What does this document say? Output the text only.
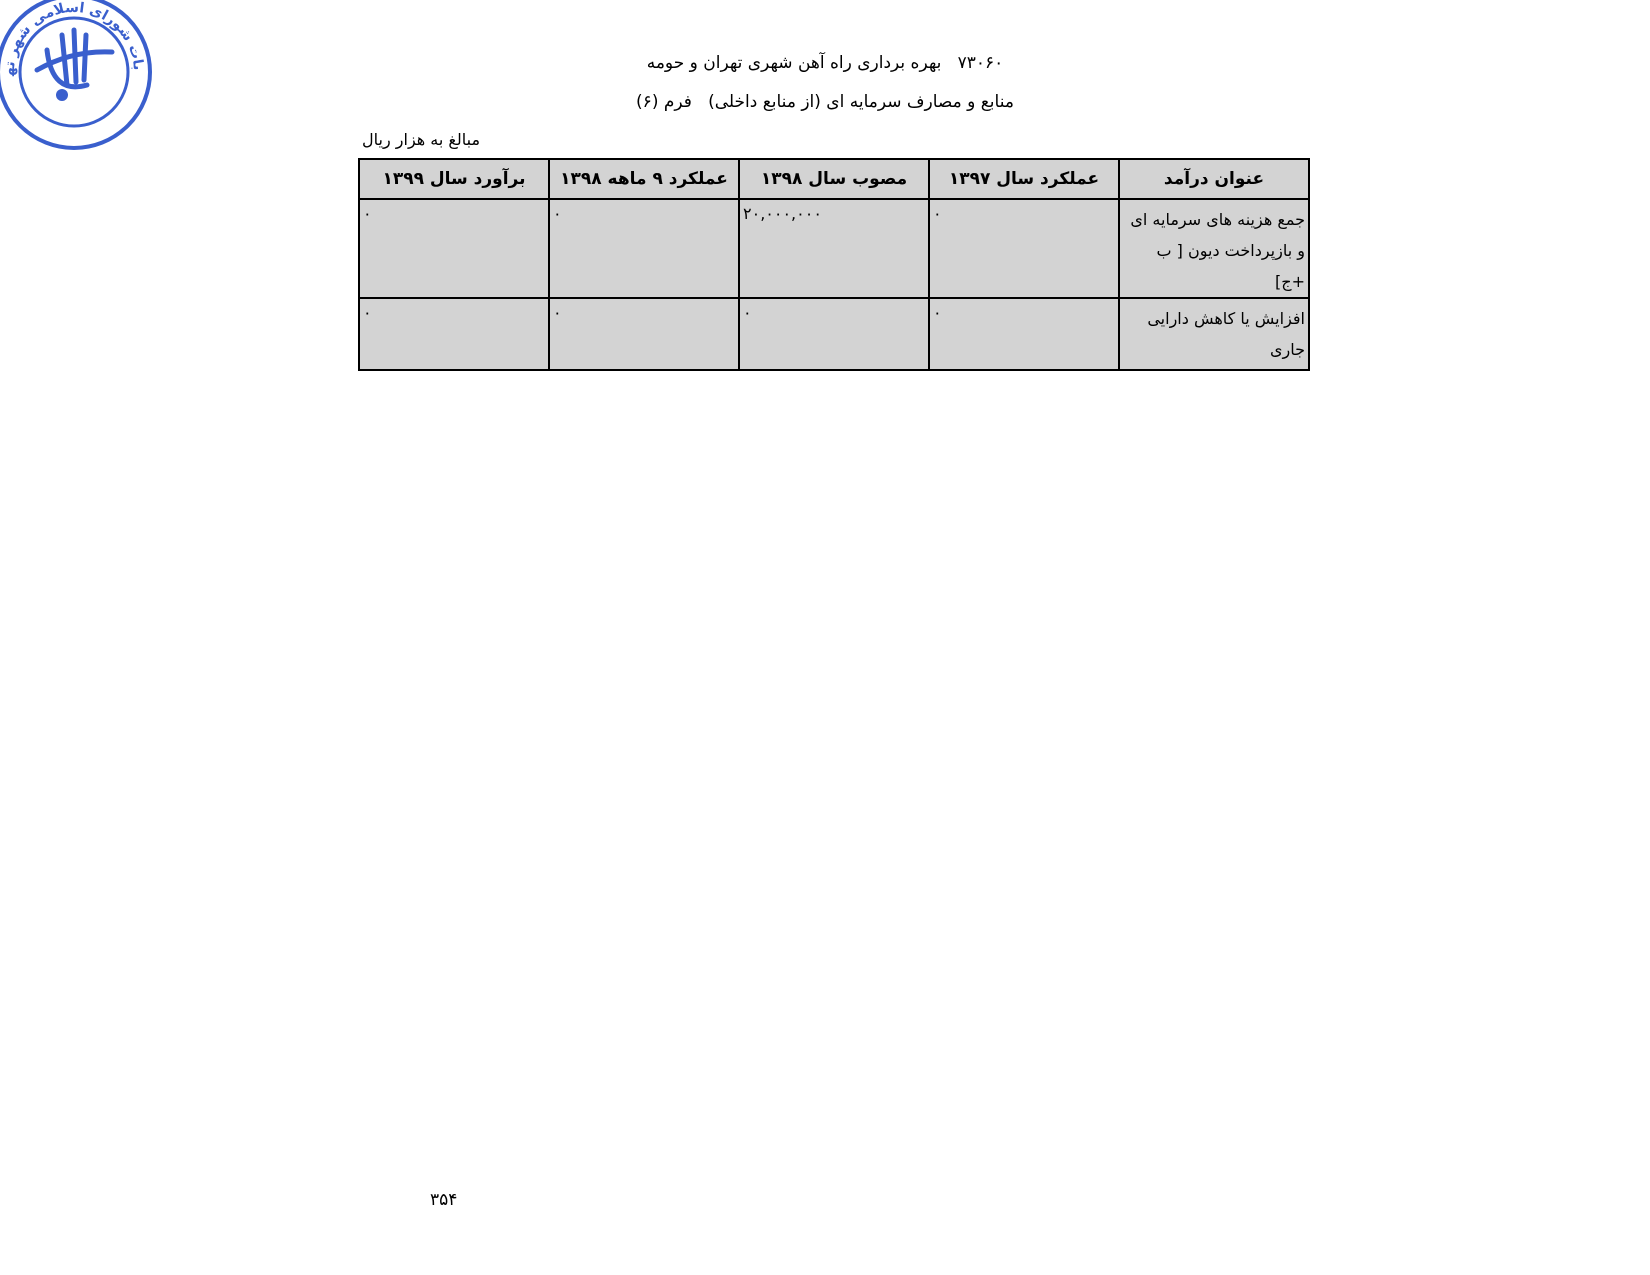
بات شورای اسلامی شهر ته	۷۳۰۶۰   بهره برداری راه آهن شهری تهران و حومه
منابع و مصارف سرمایه ای (از منابع داخلی)   فرم (۶)
مبالغ به هزار ریال
عنوان درآمد	عملکرد سال ۱۳۹۷	مصوب سال ۱۳۹۸	عملکرد ۹ ماهه ۱۳۹۸	برآورد سال ۱۳۹۹
جمع هزینه های سرمایه ای و بازپرداخت دیون [ ب +ج]	۰	۲۰,۰۰۰,۰۰۰	۰	۰
افزایش یا کاهش دارایی جاری	۰	۰	۰	۰
۳۵۴
